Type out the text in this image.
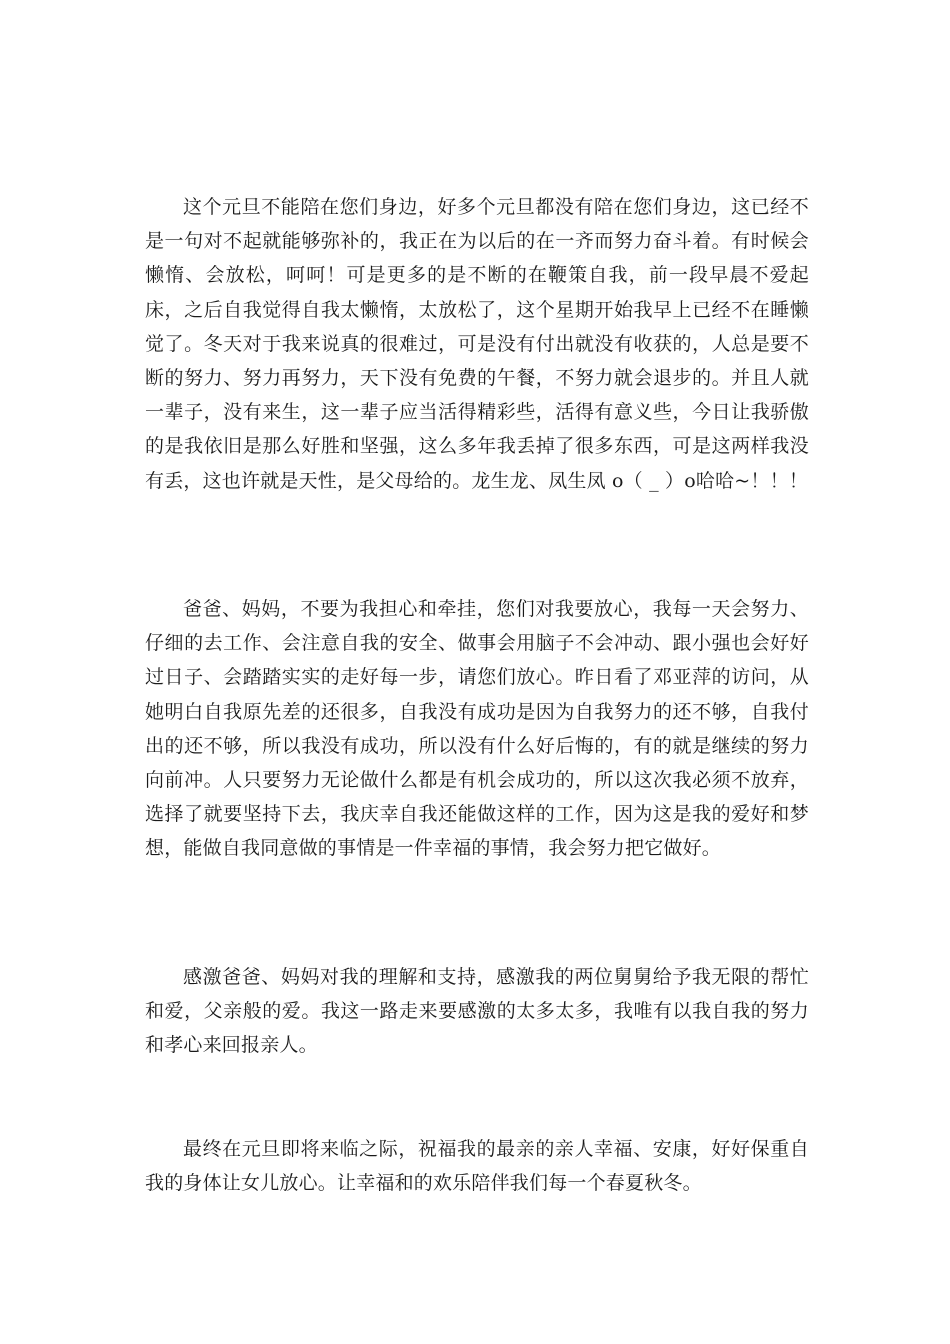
这个元旦不能陪在您们身边，好多个元旦都没有陪在您们身边，这已经不是一句对不起就能够弥补的，我正在为以后的在一齐而努力奋斗着。有时候会懒惰、会放松，呵呵！可是更多的是不断的在鞭策自我，前一段早晨不爱起床，之后自我觉得自我太懒惰，太放松了，这个星期开始我早上已经不在睡懒觉了。冬天对于我来说真的很难过，可是没有付出就没有收获的，人总是要不断的努力、努力再努力，天下没有免费的午餐，不努力就会退步的。并且人就一辈子，没有来生，这一辈子应当活得精彩些，活得有意义些，今日让我骄傲的是我依旧是那么好胜和坚强，这么多年我丢掉了很多东西，可是这两样我没有丢，这也许就是天性，是父母给的。龙生龙、凤生凤 o（ _ ）o哈哈~！！！

爸爸、妈妈，不要为我担心和牵挂，您们对我要放心，我每一天会努力、仔细的去工作、会注意自我的安全、做事会用脑子不会冲动、跟小强也会好好过日子、会踏踏实实的走好每一步，请您们放心。昨日看了邓亚萍的访问，从她明白自我原先差的还很多，自我没有成功是因为自我努力的还不够，自我付出的还不够，所以我没有成功，所以没有什么好后悔的，有的就是继续的努力向前冲。人只要努力无论做什么都是有机会成功的，所以这次我必须不放弃，选择了就要坚持下去，我庆幸自我还能做这样的工作，因为这是我的爱好和梦想，能做自我同意做的事情是一件幸福的事情，我会努力把它做好。

感激爸爸、妈妈对我的理解和支持，感激我的两位舅舅给予我无限的帮忙和爱，父亲般的爱。我这一路走来要感激的太多太多，我唯有以我自我的努力和孝心来回报亲人。

最终在元旦即将来临之际，祝福我的最亲的亲人幸福、安康，好好保重自我的身体让女儿放心。让幸福和的欢乐陪伴我们每一个春夏秋冬。
